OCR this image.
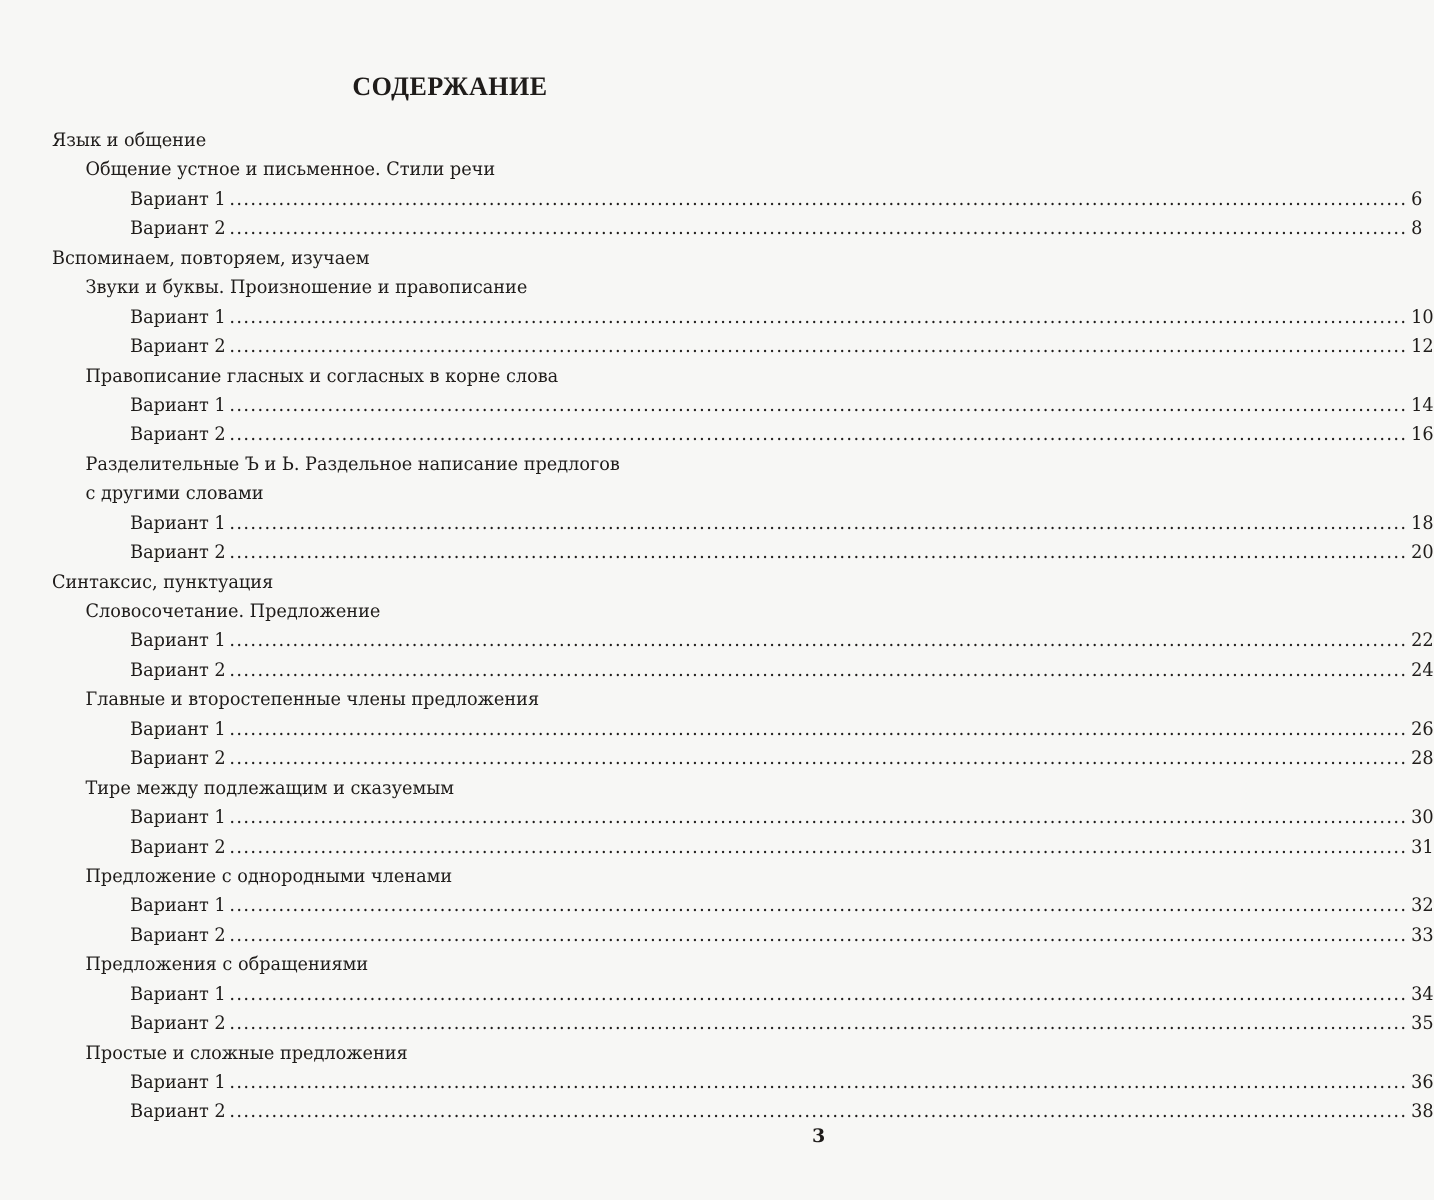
СОДЕРЖАНИЕ
Язык и общение
Общение устное и письменное. Стили речи
Вариант 1 .....	6
Вариант 2 .....	8
Вспоминаем, повторяем, изучаем
Звуки и буквы. Произношение и правописание
Вариант 1 .....	10
Вариант 2 .....	12
Правописание гласных и согласных в корне слова
Вариант 1 .....	14
Вариант 2 .....	16
Разделительные Ъ и Ь. Раздельное написание предлогов
с другими словами
Вариант 1 .....	18
Вариант 2 .....	20
Синтаксис, пунктуация
Словосочетание. Предложение
Вариант 1 .....	22
Вариант 2 .....	24
Главные и второстепенные члены предложения
Вариант 1 .....	26
Вариант 2 .....	28
Тире между подлежащим и сказуемым
Вариант 1 .....	30
Вариант 2 .....	31
Предложение с однородными членами
Вариант 1 .....	32
Вариант 2 .....	33
Предложения с обращениями
Вариант 1 .....	34
Вариант 2 .....	35
Простые и сложные предложения
Вариант 1 .....	36
Вариант 2 .....	38
3
